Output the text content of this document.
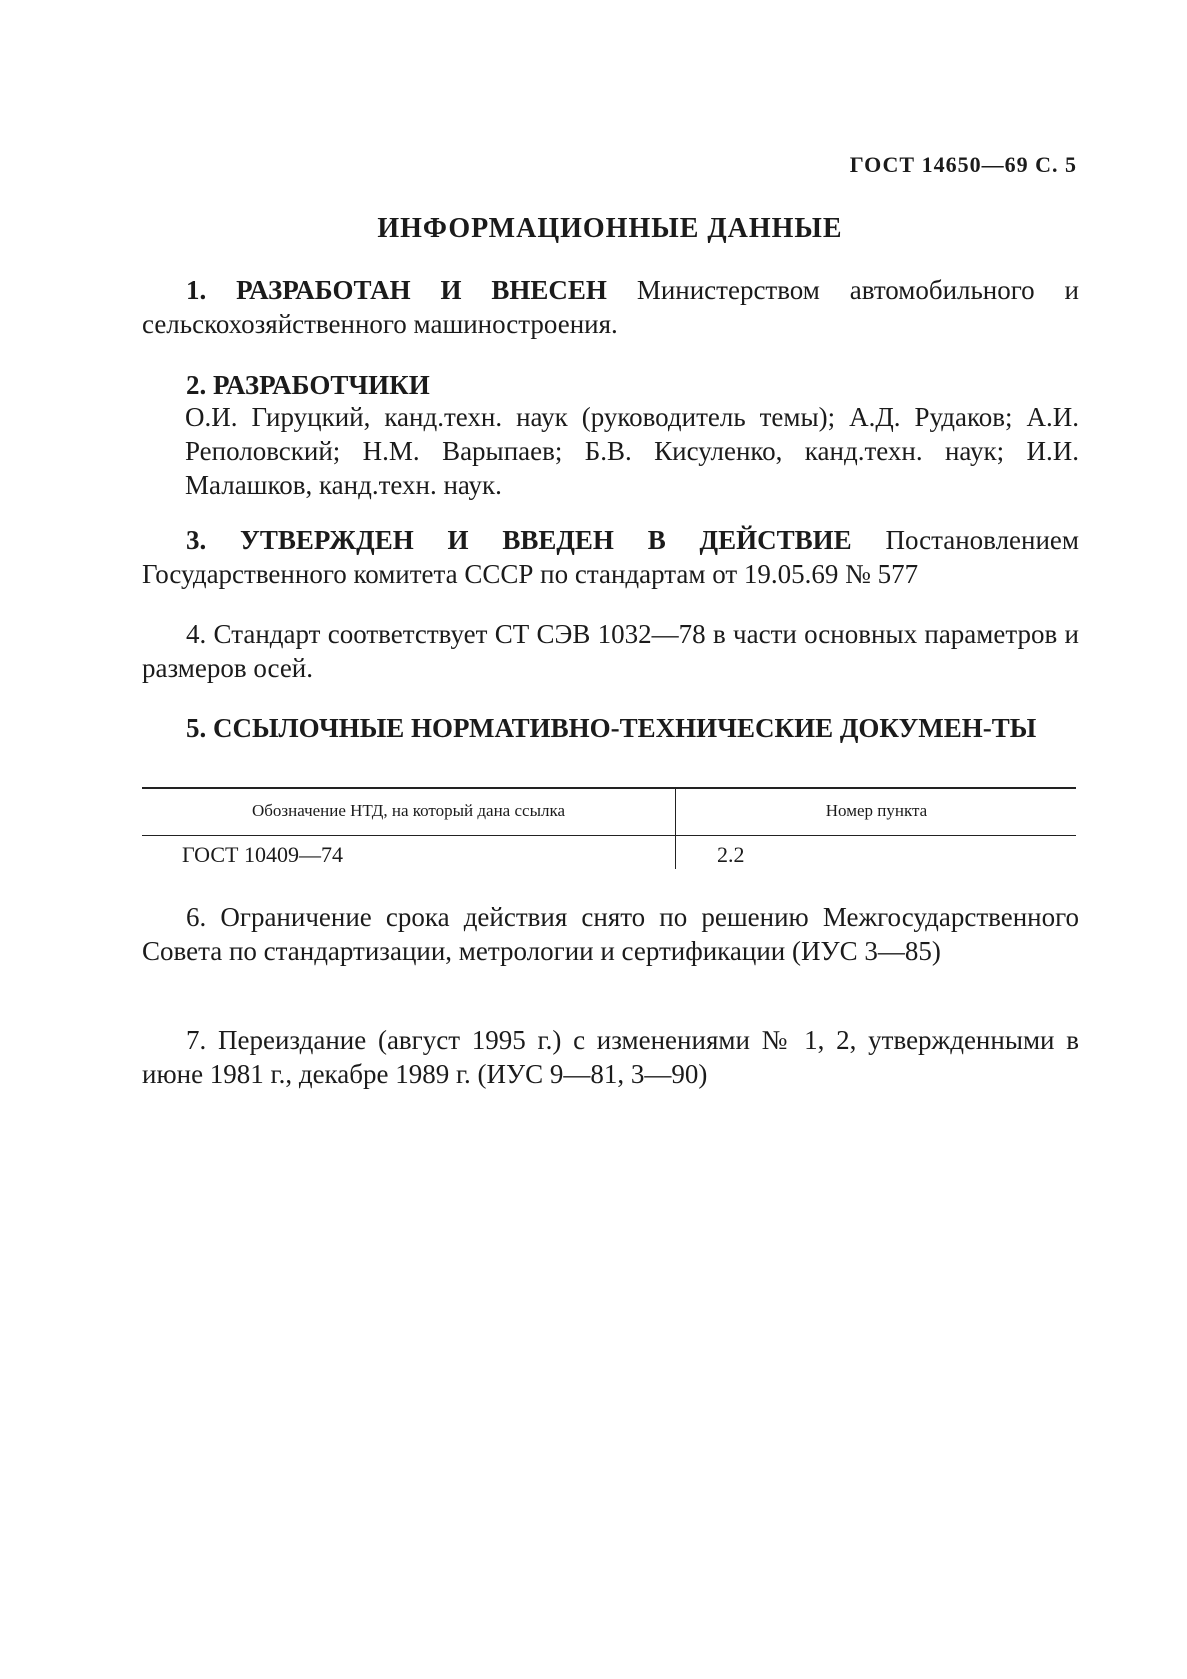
ГОСТ 14650—69 С. 5
ИНФОРМАЦИОННЫЕ ДАННЫЕ
1. РАЗРАБОТАН И ВНЕСЕН Министерством автомобильного и сельскохозяйственного машиностроения.
2. РАЗРАБОТЧИКИ
О.И. Гируцкий, канд.техн. наук (руководитель темы); А.Д. Рудаков; А.И. Реполовский; Н.М. Варыпаев; Б.В. Кисуленко, канд.техн. наук; И.И. Малашков, канд.техн. наук.
3. УТВЕРЖДЕН И ВВЕДЕН В ДЕЙСТВИЕ Постановлением Государственного комитета СССР по стандартам от 19.05.69 № 577
4. Стандарт соответствует СТ СЭВ 1032—78 в части основных параметров и размеров осей.
5. ССЫЛОЧНЫЕ НОРМАТИВНО-ТЕХНИЧЕСКИЕ ДОКУМЕН-ТЫ
Обозначение НТД, на который дана ссылка	Номер пункта
ГОСТ 10409—74	2.2
6. Ограничение срока действия снято по решению Межгосударственного Совета по стандартизации, метрологии и сертификации (ИУС 3—85)
7. Переиздание (август 1995 г.) с изменениями № 1, 2, утвержденными в июне 1981 г., декабре 1989 г. (ИУС 9—81, 3—90)
